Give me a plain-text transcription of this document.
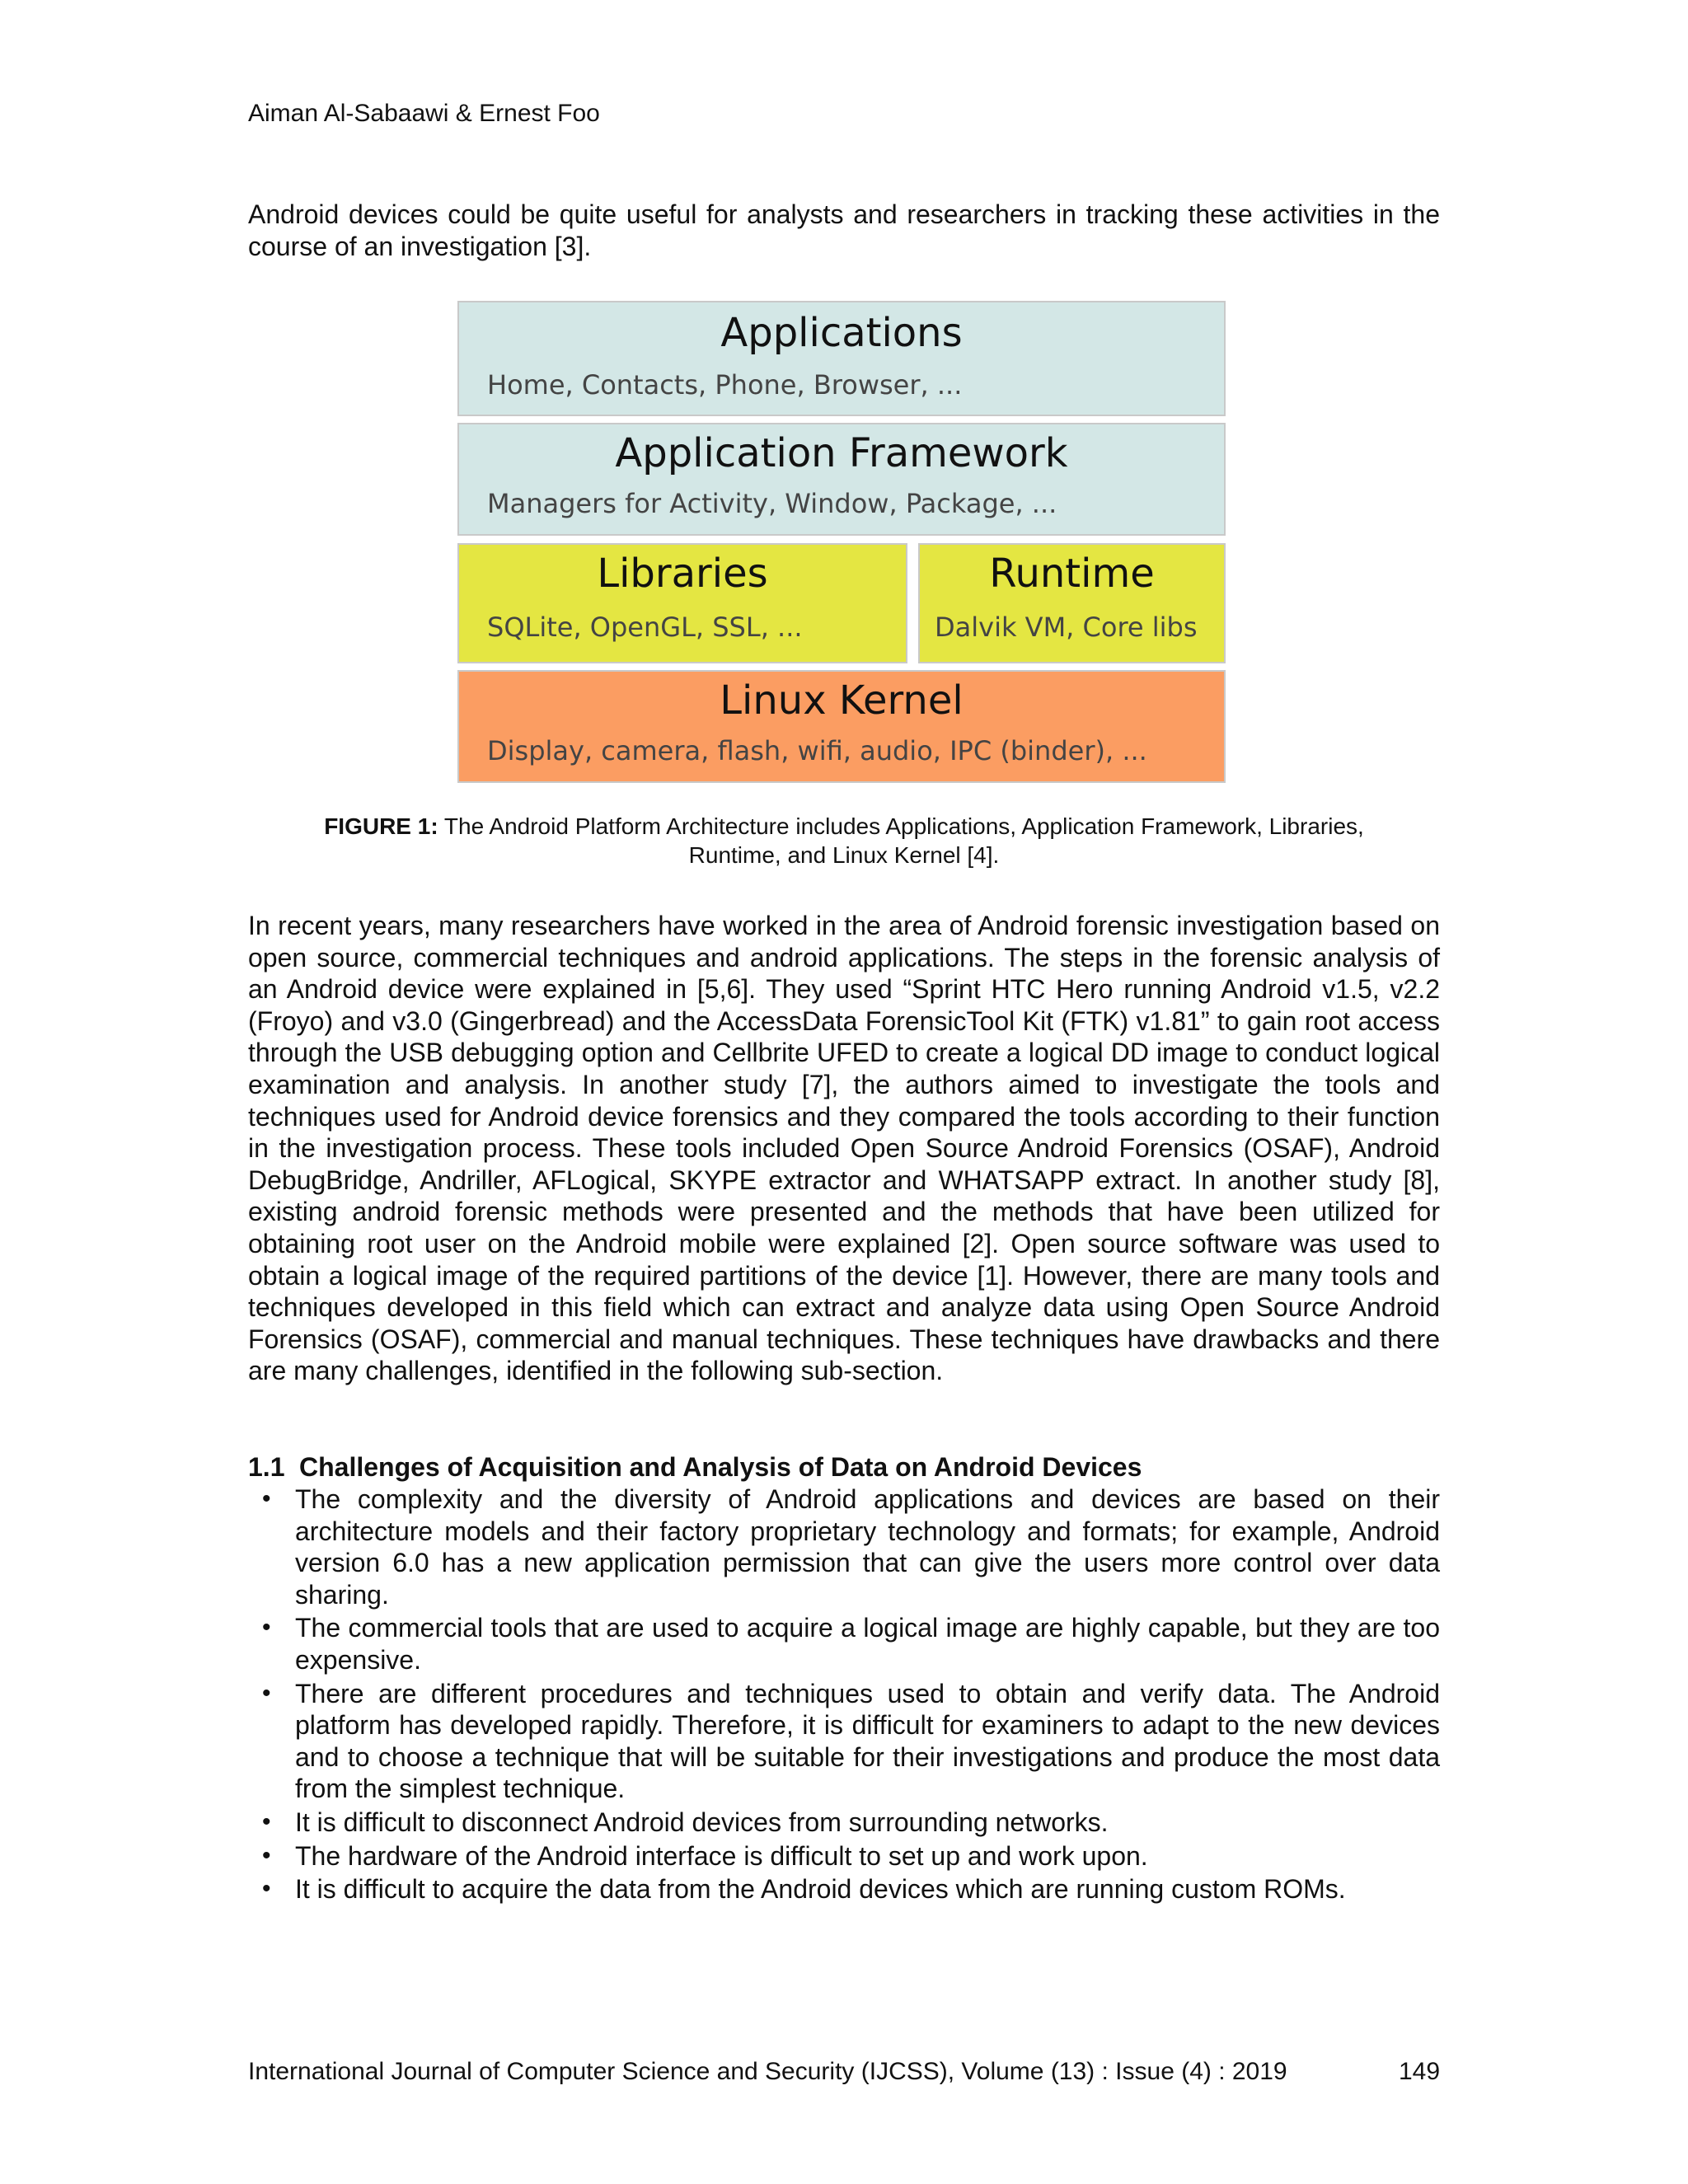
Aiman Al-Sabaawi & Ernest Foo

Android devices could be quite useful for analysts and researchers in tracking these activities in the course of an investigation [3].

Applications
Home, Contacts, Phone, Browser, ...
Application Framework
Managers for Activity, Window, Package, ...
Libraries
SQLite, OpenGL, SSL, ...
Runtime
Dalvik VM, Core libs
Linux Kernel
Display, camera, flash, wifi, audio, IPC (binder), ...
FIGURE 1: The Android Platform Architecture includes Applications, Application Framework, Libraries,
Runtime, and Linux Kernel [4].

In recent years, many researchers have worked in the area of Android forensic investigation based on open source, commercial techniques and android applications. The steps in the forensic analysis of an Android device were explained in [5,6]. They used “Sprint HTC Hero running Android v1.5, v2.2 (Froyo) and v3.0 (Gingerbread) and the AccessData ForensicTool Kit (FTK) v1.81” to gain root access through the USB debugging option and Cellbrite UFED to create a logical DD image to conduct logical examination and analysis. In another study [7], the authors aimed to investigate the tools and techniques used for Android device forensics and they compared the tools according to their function in the investigation process. These tools included Open Source Android Forensics (OSAF), Android DebugBridge, Andriller, AFLogical, SKYPE extractor and WHATSAPP extract. In another study [8], existing android forensic methods were presented and the methods that have been utilized for obtaining root user on the Android mobile were explained [2]. Open source software was used to obtain a logical image of the required partitions of the device [1]. However, there are many tools and techniques developed in this field which can extract and analyze data using Open Source Android Forensics (OSAF), commercial and manual techniques. These techniques have drawbacks and there are many challenges, identified in the following sub-section.

1.1 Challenges of Acquisition and Analysis of Data on Android Devices
• The complexity and the diversity of Android applications and devices are based on their architecture models and their factory proprietary technology and formats; for example, Android version 6.0 has a new application permission that can give the users more control over data sharing.
• The commercial tools that are used to acquire a logical image are highly capable, but they are too expensive.
• There are different procedures and techniques used to obtain and verify data. The Android platform has developed rapidly. Therefore, it is difficult for examiners to adapt to the new devices and to choose a technique that will be suitable for their investigations and produce the most data from the simplest technique.
• It is difficult to disconnect Android devices from surrounding networks.
• The hardware of the Android interface is difficult to set up and work upon.
• It is difficult to acquire the data from the Android devices which are running custom ROMs.
International Journal of Computer Science and Security (IJCSS), Volume (13) : Issue (4) : 2019	149
